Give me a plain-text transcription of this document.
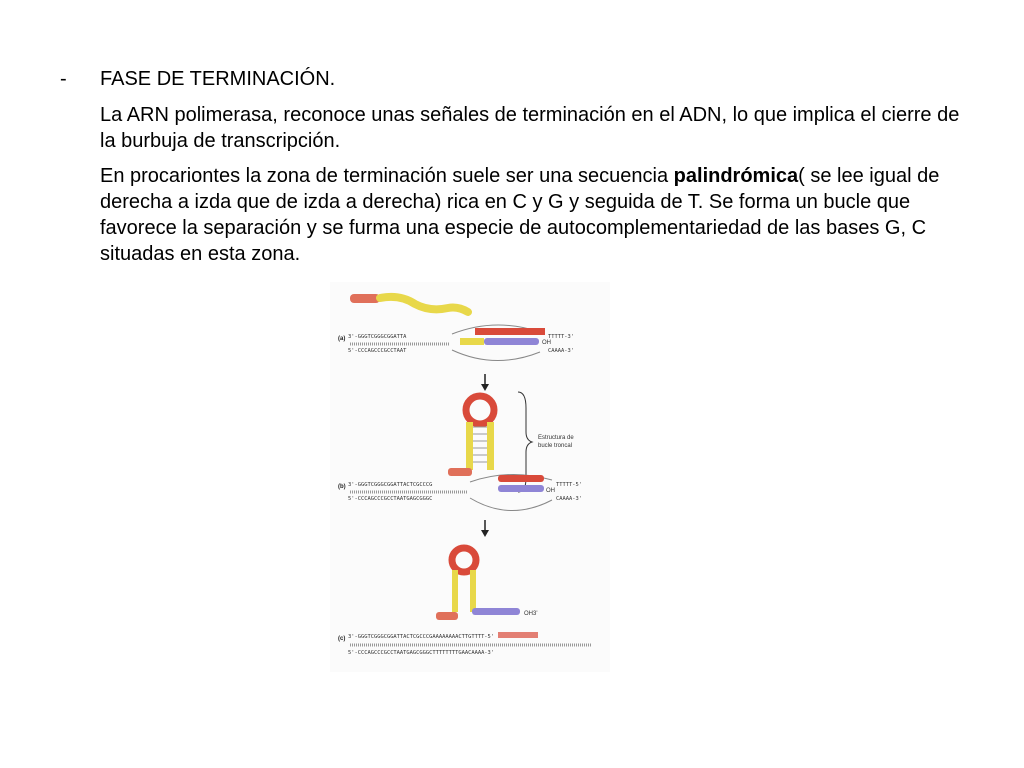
- FASE DE TERMINACIÓN.
La ARN polimerasa, reconoce unas señales de terminación en el ADN, lo que implica el cierre de la burbuja de transcripción.
En procariontes la zona de terminación suele ser una secuencia palindrómica( se lee igual de derecha a izda que de izda a derecha) rica en C y G y seguida de T. Se forma un bucle que favorece la separación y se furma una especie de autocomplementariedad de las bases G, C situadas en esta zona.
(a) 3'-GGGTCGGGCGGATTA
5'-CCCAGCCCGCCTAAT
OH
TTTTT-3'
CAAAA-3'
Estructura de
bucle troncal
(b) 3'-GGGTCGGGCGGATTACTCGCCCG
5'-CCCAGCCCGCCTAATGAGCGGGC
OH
TTTTT-5'
CAAAA-3'
OH3'
(c) 3'-GGGTCGGGCGGATTACTCGCCCGAAAAAAAACTTGTTTT-5'
5'-CCCAGCCCGCCTAATGAGCGGGCTTTTTTTTGAACAAAA-3'
